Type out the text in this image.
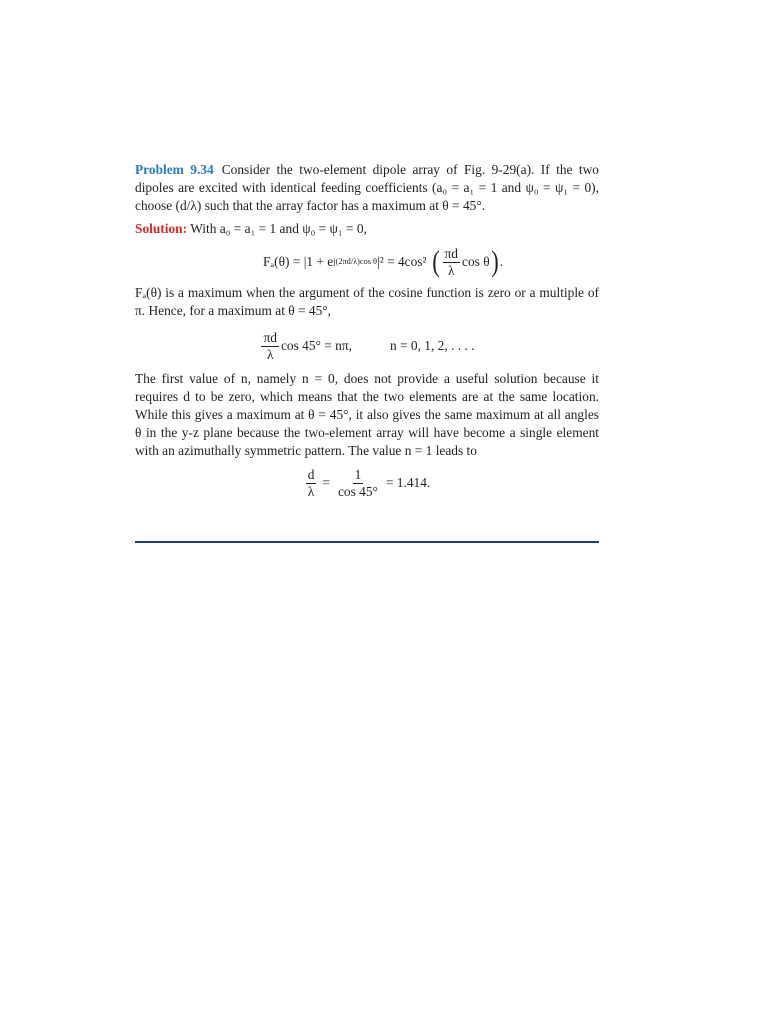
Problem 9.34 Consider the two-element dipole array of Fig. 9-29(a). If the two dipoles are excited with identical feeding coefficients (a₀ = a₁ = 1 and ψ₀ = ψ₁ = 0), choose (d/λ) such that the array factor has a maximum at θ = 45°.

Solution: With a₀ = a₁ = 1 and ψ₀ = ψ₁ = 0,

Fₐ(θ) = |1 + e j(2πd/λ)cos θ |² = 4cos² ( $\frac{\pi d}{\lambda}$ cos θ ) .

Fₐ(θ) is a maximum when the argument of the cosine function is zero or a multiple of π. Hence, for a maximum at θ = 45°,

$\frac{\pi d}{\lambda}$ cos 45° = nπ,	n = 0, 1, 2, . . . .

The first value of n, namely n = 0, does not provide a useful solution because it requires d to be zero, which means that the two elements are at the same location. While this gives a maximum at θ = 45°, it also gives the same maximum at all angles θ in the y-z plane because the two-element array will have become a single element with an azimuthally symmetric pattern. The value n = 1 leads to

$\frac{d}{\lambda} = \frac{1}{\cos 45^\circ} = 1.414$.
